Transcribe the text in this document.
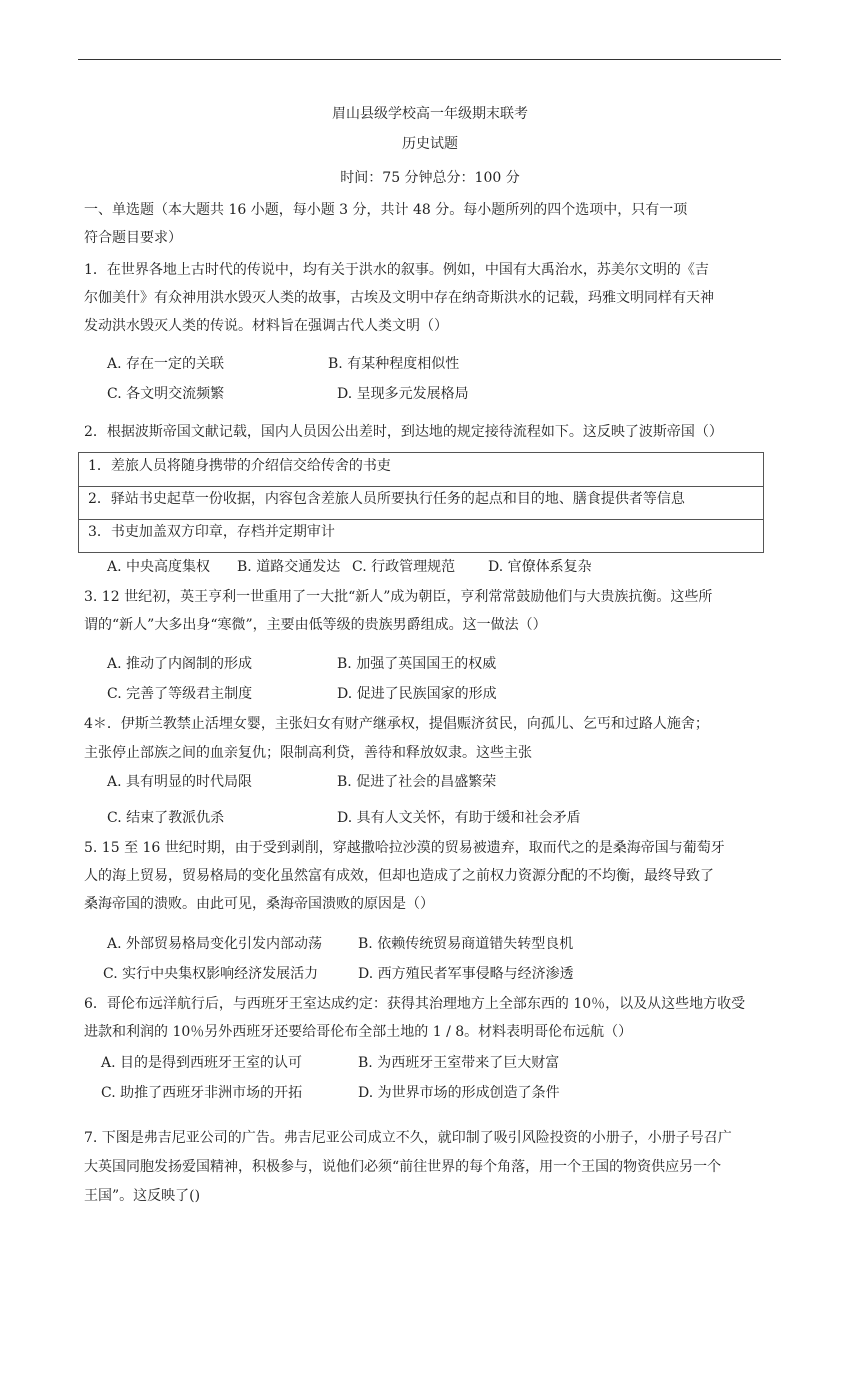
眉山县级学校高一年级期末联考
历史试题
时间：75 分钟总分：100 分
一、单选题（本大题共 16 小题，每小题 3 分，共计 48 分。每小题所列的四个选项中，只有一项
符合题目要求）
1．在世界各地上古时代的传说中，均有关于洪水的叙事。例如，中国有大禹治水，苏美尔文明的《吉
尔伽美什》有众神用洪水毁灭人类的故事，古埃及文明中存在纳奇斯洪水的记载，玛雅文明同样有天神
发动洪水毁灭人类的传说。材料旨在强调古代人类文明（）
A. 存在一定的关联	B. 有某种程度相似性
C. 各文明交流频繁	D. 呈现多元发展格局
2．根据波斯帝国文献记载，国内人员因公出差时，到达地的规定接待流程如下。这反映了波斯帝国（）
1．差旅人员将随身携带的介绍信交给传舍的书吏
2．驿站书史起草一份收据，内容包含差旅人员所要执行任务的起点和目的地、膳食提供者等信息
3．书吏加盖双方印章，存档并定期审计
A. 中央高度集权 B. 道路交通发达 C. 行政管理规范 D. 官僚体系复杂
3. 12 世纪初，英王亨利一世重用了一大批“新人”成为朝臣，亨利常常鼓励他们与大贵族抗衡。这些所
谓的“新人”大多出身“寒微”，主要由低等级的贵族男爵组成。这一做法（）
A. 推动了内阁制的形成	B. 加强了英国国王的权威
C. 完善了等级君主制度	D. 促进了民族国家的形成
4＊．伊斯兰教禁止活埋女婴，主张妇女有财产继承权，提倡赈济贫民，向孤儿、乞丐和过路人施舍；
主张停止部族之间的血亲复仇；限制高利贷，善待和释放奴隶。这些主张
A. 具有明显的时代局限	B. 促进了社会的昌盛繁荣
C. 结束了教派仇杀	D. 具有人文关怀，有助于缓和社会矛盾
5. 15 至 16 世纪时期，由于受到剥削，穿越撒哈拉沙漠的贸易被遗弃，取而代之的是桑海帝国与葡萄牙
人的海上贸易，贸易格局的变化虽然富有成效，但却也造成了之前权力资源分配的不均衡，最终导致了
桑海帝国的溃败。由此可见，桑海帝国溃败的原因是（）
A. 外部贸易格局变化引发内部动荡	B. 依赖传统贸易商道错失转型良机
C. 实行中央集权影响经济发展活力	D. 西方殖民者军事侵略与经济渗透
6．哥伦布远洋航行后，与西班牙王室达成约定：获得其治理地方上全部东西的 10％，以及从这些地方收受
进款和利润的 10％另外西班牙还要给哥伦布全部土地的 1 / 8。材料表明哥伦布远航（）
A. 目的是得到西班牙王室的认可	B. 为西班牙王室带来了巨大财富
C. 助推了西班牙非洲市场的开拓	D. 为世界市场的形成创造了条件
7. 下图是弗吉尼亚公司的广告。弗吉尼亚公司成立不久，就印制了吸引风险投资的小册子，小册子号召广
大英国同胞发扬爱国精神，积极参与，说他们必须“前往世界的每个角落，用一个王国的物资供应另一个
王国”。这反映了()
